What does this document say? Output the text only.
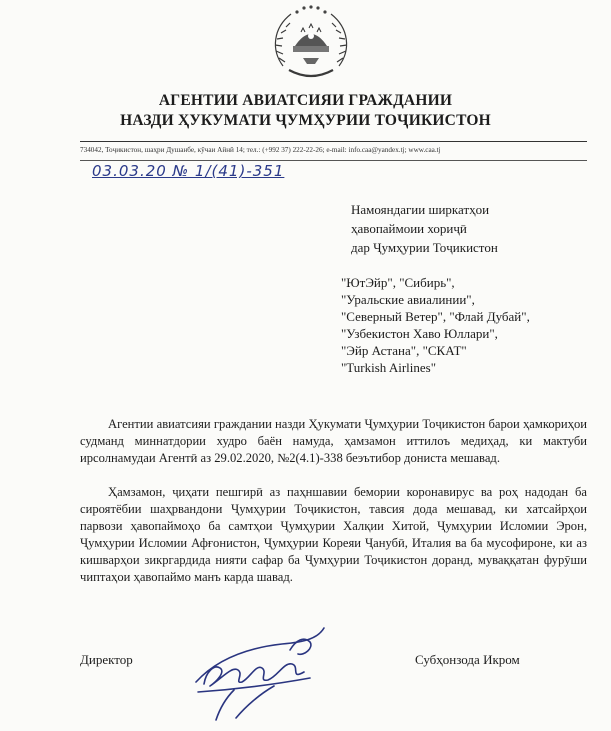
АГЕНТИИ АВИАТСИЯИ ГРАЖДАНИИ
НАЗДИ ҲУКУМАТИ ҶУМҲУРИИ ТОҶИКИСТОН
734042, Тоҷикистон, шаҳри Душанбе, кӯчаи Айнӣ 14; тел.: (+992 37) 222-22-26; e-mail: info.caa@yandex.tj; www.caa.tj
03.03.20 № 1/(41)-351
Намояндагии ширкатҳои
ҳавопаймоии хориҷӣ
дар Ҷумҳурии Тоҷикистон
"ЮтЭйр", "Сибирь",
"Уральские авиалинии",
"Северный Ветер", "Флай Дубай",
"Узбекистон Хаво Юллари",
"Эйр Астана", "СКАТ"
"Turkish Airlines"

Агентии авиатсияи граждании назди Ҳукумати Ҷумҳурии Тоҷикистон барои ҳамкориҳои судманд миннатдории худро баён намуда, ҳамзамон иттилоъ медиҳад, ки мактуби ирсолнамудаи Агентӣ аз 29.02.2020, №2(4.1)-338 беэътибор дониста мешавад.

Ҳамзамон, ҷиҳати пешгирӣ аз паҳншавии бемории коронавирус ва роҳ надодан ба сироятёбии шаҳрвандони Ҷумҳурии Тоҷикистон, тавсия дода мешавад, ки хатсайрҳои парвози ҳавопаймоҳо ба самтҳои Ҷумҳурии Халқии Хитой, Ҷумҳурии Исломии Эрон, Ҷумҳурии Исломии Афғонистон, Ҷумҳурии Кореяи Ҷанубӣ, Италия ва ба мусофироне, ки аз кишварҳои зикргардида нияти сафар ба Ҷумҳурии Тоҷикистон доранд, муваққатан фурӯши чиптаҳои ҳавопаймо манъ карда шавад.

Директор	Субҳонзода Икром
